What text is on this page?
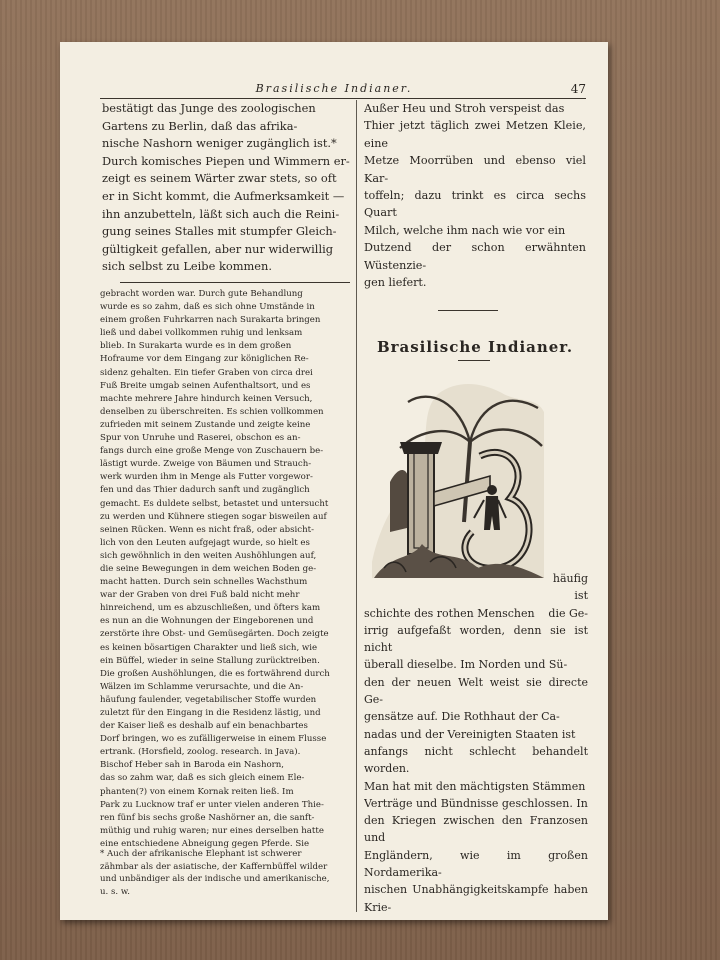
Brasilische Indianer.	47

bestätigt das Junge des zoologischen
Gartens zu Berlin, daß das afrika-
nische Nashorn weniger zugänglich ist.*
Durch komisches Piepen und Wimmern er-
zeigt es seinem Wärter zwar stets, so oft
er in Sicht kommt, die Aufmerksamkeit —
ihn anzubetteln, läßt sich auch die Reini-
gung seines Stalles mit stumpfer Gleich-
gültigkeit gefallen, aber nur widerwillig
sich selbst zu Leibe kommen.

gebracht worden war. Durch gute Behandlung
wurde es so zahm, daß es sich ohne Umstände in
einem großen Fuhrkarren nach Surakarta bringen
ließ und dabei vollkommen ruhig und lenksam
blieb. In Surakarta wurde es in dem großen
Hofraume vor dem Eingang zur königlichen Re-
sidenz gehalten. Ein tiefer Graben von circa drei
Fuß Breite umgab seinen Aufenthaltsort, und es
machte mehrere Jahre hindurch keinen Versuch,
denselben zu überschreiten. Es schien vollkommen
zufrieden mit seinem Zustande und zeigte keine
Spur von Unruhe und Raserei, obschon es an-
fangs durch eine große Menge von Zuschauern be-
lästigt wurde. Zweige von Bäumen und Strauch-
werk wurden ihm in Menge als Futter vorgewor-
fen und das Thier dadurch sanft und zugänglich
gemacht. Es duldete selbst, betastet und untersucht
zu werden und Kühnere stiegen sogar bisweilen auf
seinen Rücken. Wenn es nicht fraß, oder absicht-
lich von den Leuten aufgejagt wurde, so hielt es
sich gewöhnlich in den weiten Aushöhlungen auf,
die seine Bewegungen in dem weichen Boden ge-
macht hatten. Durch sein schnelles Wachsthum
war der Graben von drei Fuß bald nicht mehr
hinreichend, um es abzuschließen, und öfters kam
es nun an die Wohnungen der Eingeborenen und
zerstörte ihre Obst- und Gemüsegärten. Doch zeigte
es keinen bösartigen Charakter und ließ sich, wie
ein Büffel, wieder in seine Stallung zurücktreiben.
Die großen Aushöhlungen, die es fortwährend durch
Wälzen im Schlamme verursachte, und die An-
häufung faulender, vegetabilischer Stoffe wurden
zuletzt für den Eingang in die Residenz lästig, und
der Kaiser ließ es deshalb auf ein benachbartes
Dorf bringen, wo es zufälligerweise in einem Flusse
ertrank. (Horsfield, zoolog. research. in Java).
Bischof Heber sah in Baroda ein Nashorn,
das so zahm war, daß es sich gleich einem Ele-
phanten(?) von einem Kornak reiten ließ. Im
Park zu Lucknow traf er unter vielen anderen Thie-
ren fünf bis sechs große Nashörner an, die sanft-
müthig und ruhig waren; nur eines derselben hatte
eine entschiedene Abneigung gegen Pferde. Sie

* Auch der afrikanische Elephant ist schwerer
zähmbar als der asiatische, der Kaffernbüffel wilder
und unbändiger als der indische und amerikanische,
u. s. w.

Außer Heu und Stroh verspeist das
Thier jetzt täglich zwei Metzen Kleie, eine
Metze Moorrüben und ebenso viel Kar-
toffeln; dazu trinkt es circa sechs Quart
Milch, welche ihm nach wie vor ein
Dutzend der schon erwähnten Wüstenzie-
gen liefert.

Brasilische Indianer.

häufig ist
die Ge-

schichte des rothen Menschen
irrig aufgefaßt worden, denn sie ist nicht
überall dieselbe. Im Norden und Sü-
den der neuen Welt weist sie directe Ge-
gensätze auf. Die Rothhaut der Ca-
nadas und der Vereinigten Staaten ist
anfangs nicht schlecht behandelt worden.
Man hat mit den mächtigsten Stämmen
Verträge und Bündnisse geschlossen. In
den Kriegen zwischen den Franzosen und
Engländern, wie im großen Nordamerika-
nischen Unabhängigkeitskampfe haben Krie-
